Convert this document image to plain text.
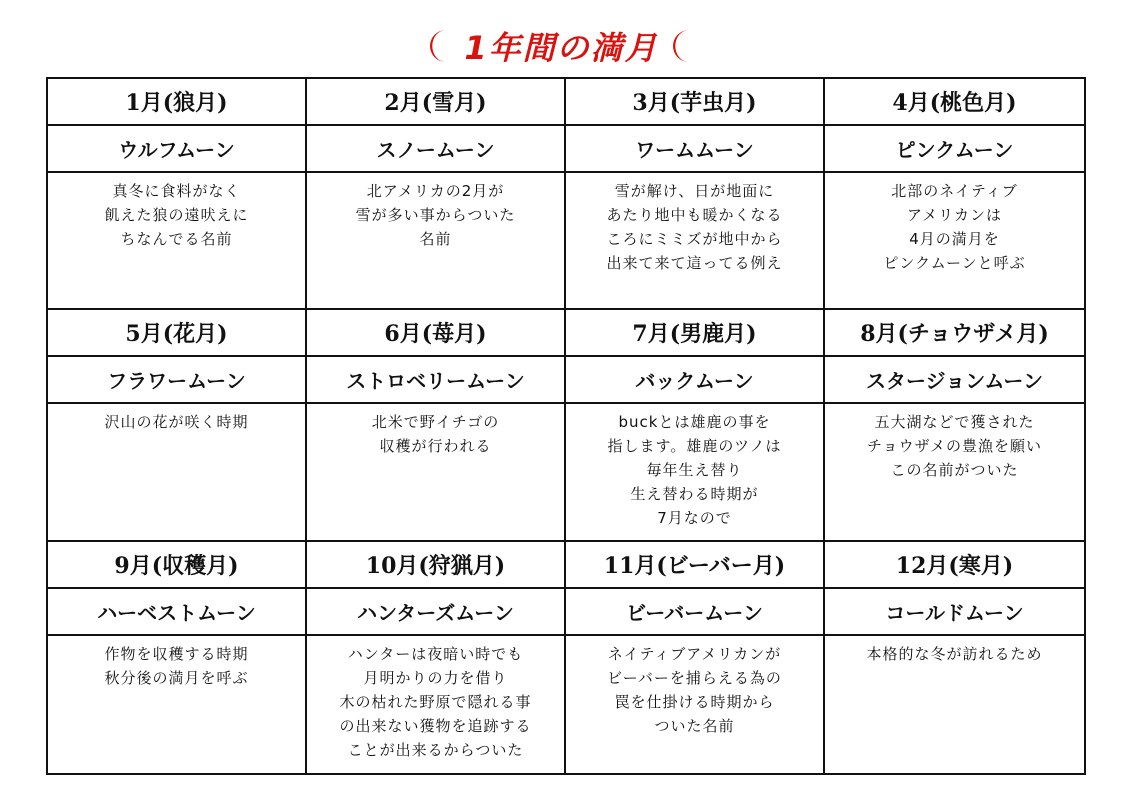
1年間の満月
1月(狼月)
ウルフムーン
真冬に食料がなく
飢えた狼の遠吠えに
ちなんでる名前
2月(雪月)
スノームーン
北アメリカの2月が
雪が多い事からついた
名前
3月(芋虫月)
ワームムーン
雪が解け、日が地面に
あたり地中も暖かくなる
ころにミミズが地中から
出来て来て這ってる例え
4月(桃色月)
ピンクムーン
北部のネイティブ
アメリカンは
4月の満月を
ピンクムーンと呼ぶ
5月(花月)
フラワームーン
沢山の花が咲く時期
6月(苺月)
ストロベリームーン
北米で野イチゴの
収穫が行われる
7月(男鹿月)
バックムーン
buckとは雄鹿の事を
指します。雄鹿のツノは
毎年生え替り
生え替わる時期が
7月なので
8月(チョウザメ月)
スタージョンムーン
五大湖などで獲された
チョウザメの豊漁を願い
この名前がついた
9月(収穫月)
ハーベストムーン
作物を収穫する時期
秋分後の満月を呼ぶ
10月(狩猟月)
ハンターズムーン
ハンターは夜暗い時でも
月明かりの力を借り
木の枯れた野原で隠れる事
の出来ない獲物を追跡する
ことが出来るからついた
11月(ビーバー月)
ビーバームーン
ネイティブアメリカンが
ビーバーを捕らえる為の
罠を仕掛ける時期から
ついた名前
12月(寒月)
コールドムーン
本格的な冬が訪れるため
